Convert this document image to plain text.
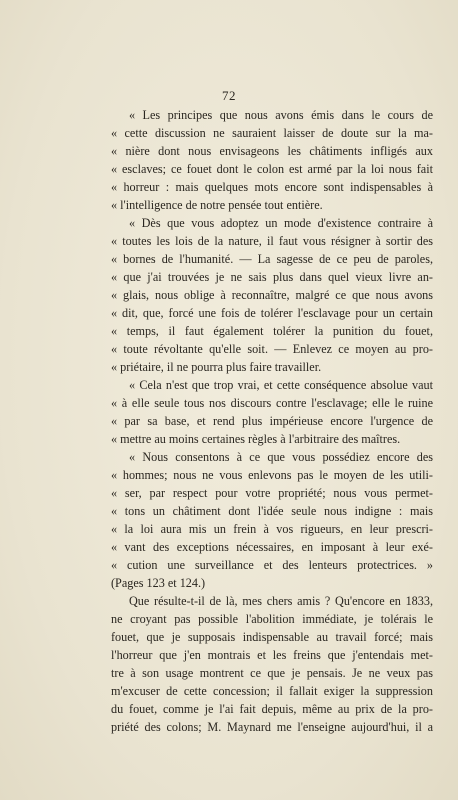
72
« Les principes que nous avons émis dans le cours de
« cette discussion ne sauraient laisser de doute sur la ma-
« nière dont nous envisageons les châtiments infligés aux
« esclaves; ce fouet dont le colon est armé par la loi nous fait
« horreur : mais quelques mots encore sont indispensables à
« l'intelligence de notre pensée tout entière.
« Dès que vous adoptez un mode d'existence contraire à
« toutes les lois de la nature, il faut vous résigner à sortir des
« bornes de l'humanité. — La sagesse de ce peu de paroles,
« que j'ai trouvées je ne sais plus dans quel vieux livre an-
« glais, nous oblige à reconnaître, malgré ce que nous avons
« dit, que, forcé une fois de tolérer l'esclavage pour un certain
« temps, il faut également tolérer la punition du fouet,
« toute révoltante qu'elle soit. — Enlevez ce moyen au pro-
« priétaire, il ne pourra plus faire travailler.
« Cela n'est que trop vrai, et cette conséquence absolue vaut
« à elle seule tous nos discours contre l'esclavage; elle le ruine
« par sa base, et rend plus impérieuse encore l'urgence de
« mettre au moins certaines règles à l'arbitraire des maîtres.
« Nous consentons à ce que vous possédiez encore des
« hommes; nous ne vous enlevons pas le moyen de les utili-
« ser, par respect pour votre propriété; nous vous permet-
« tons un châtiment dont l'idée seule nous indigne : mais
« la loi aura mis un frein à vos rigueurs, en leur prescri-
« vant des exceptions nécessaires, en imposant à leur exé-
« cution une surveillance et des lenteurs protectrices. »
(Pages 123 et 124.)
Que résulte-t-il de là, mes chers amis ? Qu'encore en 1833,
ne croyant pas possible l'abolition immédiate, je tolérais le
fouet, que je supposais indispensable au travail forcé; mais
l'horreur que j'en montrais et les freins que j'entendais met-
tre à son usage montrent ce que je pensais. Je ne veux pas
m'excuser de cette concession; il fallait exiger la suppression
du fouet, comme je l'ai fait depuis, même au prix de la pro-
priété des colons; M. Maynard me l'enseigne aujourd'hui, il a
